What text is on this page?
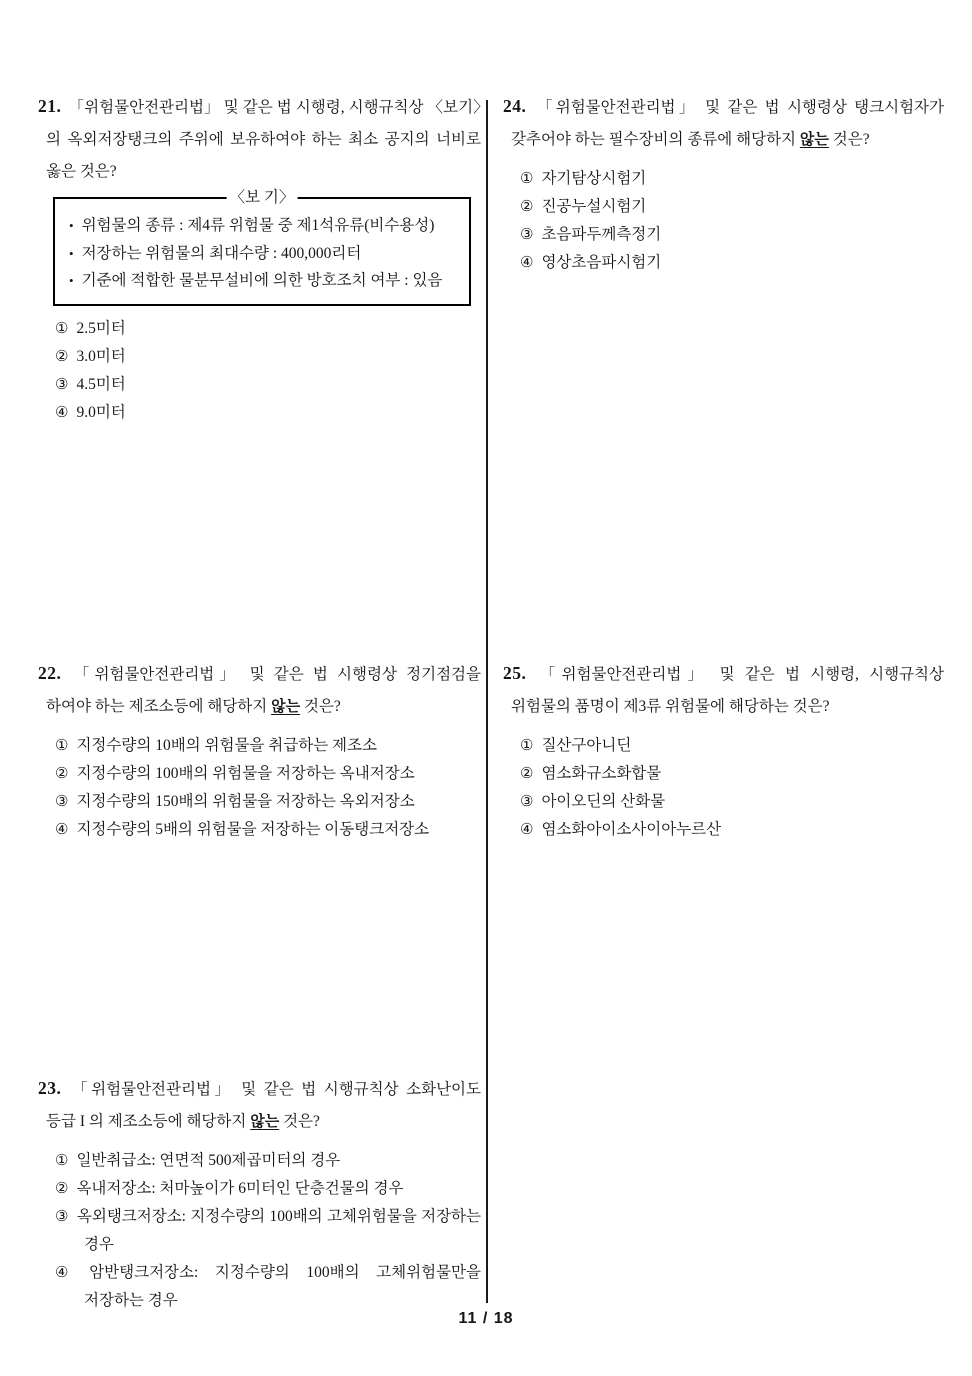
21. 「위험물안전관리법」 및 같은 법 시행령, 시행규칙상 〈보기〉의 옥외저장탱크의 주위에 보유하여야 하는 최소 공지의 너비로 옳은 것은?

〈보 기〉
• 위험물의 종류 : 제4류 위험물 중 제1석유류(비수용성)
• 저장하는 위험물의 최대수량 : 400,000리터
• 기준에 적합한 물분무설비에 의한 방호조치 여부 : 있음
① 2.5미터
② 3.0미터
③ 4.5미터
④ 9.0미터

22. 「위험물안전관리법」 및 같은 법 시행령상 정기점검을 하여야 하는 제조소등에 해당하지 않는 것은?

① 지정수량의 10배의 위험물을 취급하는 제조소
② 지정수량의 100배의 위험물을 저장하는 옥내저장소
③ 지정수량의 150배의 위험물을 저장하는 옥외저장소
④ 지정수량의 5배의 위험물을 저장하는 이동탱크저장소

23. 「위험물안전관리법」 및 같은 법 시행규칙상 소화난이도 등급 I 의 제조소등에 해당하지 않는 것은?

① 일반취급소: 연면적 500제곱미터의 경우
② 옥내저장소: 처마높이가 6미터인 단층건물의 경우
③ 옥외탱크저장소: 지정수량의 100배의 고체위험물을 저장하는 경우
④ 암반탱크저장소: 지정수량의 100배의 고체위험물만을 저장하는 경우

24. 「위험물안전관리법」 및 같은 법 시행령상 탱크시험자가 갖추어야 하는 필수장비의 종류에 해당하지 않는 것은?

① 자기탐상시험기
② 진공누설시험기
③ 초음파두께측정기
④ 영상초음파시험기

25. 「위험물안전관리법」 및 같은 법 시행령, 시행규칙상 위험물의 품명이 제3류 위험물에 해당하는 것은?

① 질산구아니딘
② 염소화규소화합물
③ 아이오딘의 산화물
④ 염소화아이소사이아누르산
11 / 18
